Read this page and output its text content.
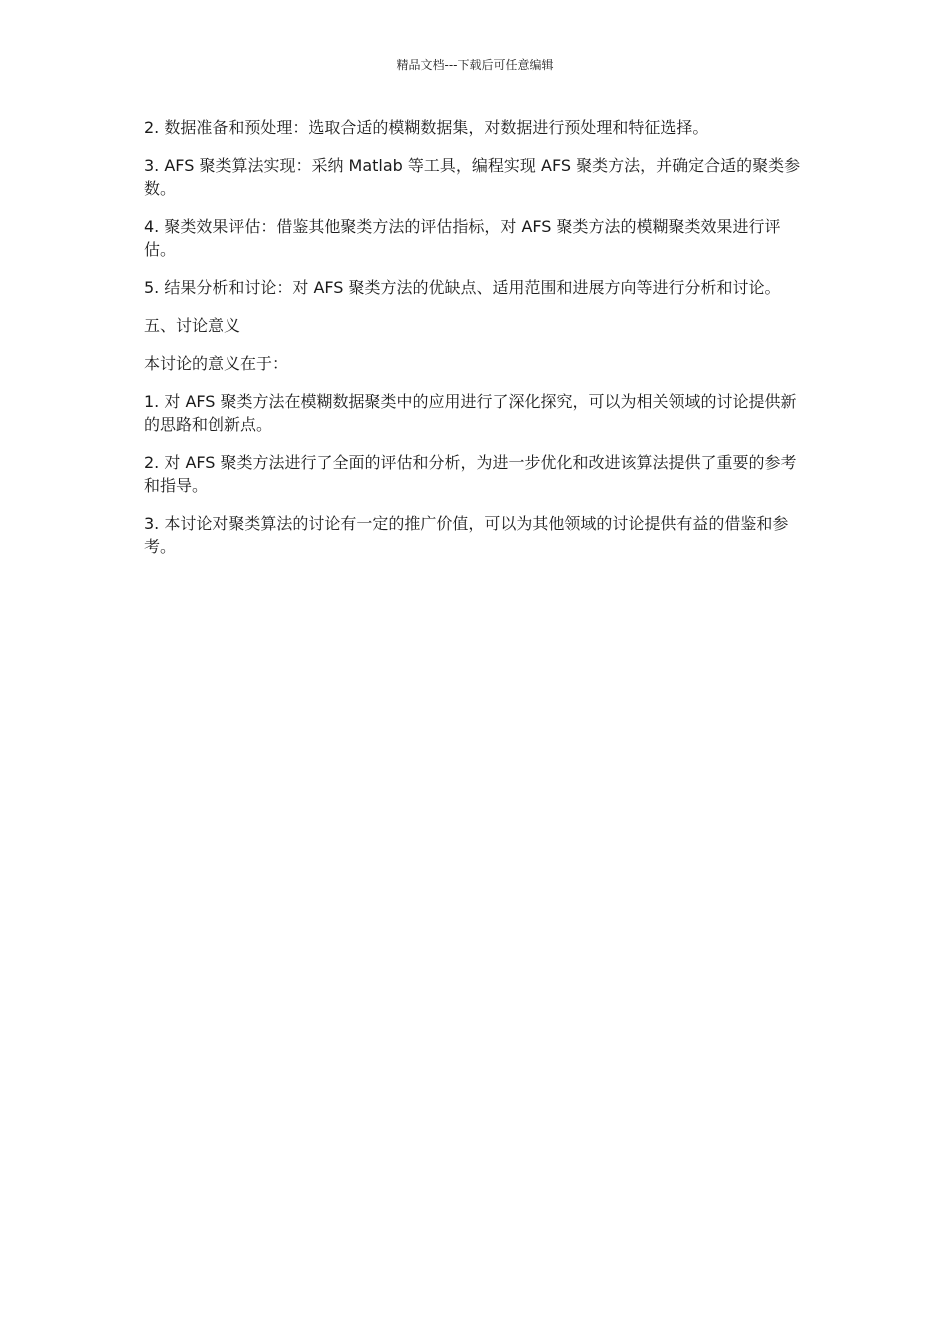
精品文档---下载后可任意编辑

2. 数据准备和预处理：选取合适的模糊数据集，对数据进行预处理和特征选择。

3. AFS 聚类算法实现：采纳 Matlab 等工具，编程实现 AFS 聚类方法，并确定合适的聚类参数。

4. 聚类效果评估：借鉴其他聚类方法的评估指标，对 AFS 聚类方法的模糊聚类效果进行评估。

5. 结果分析和讨论：对 AFS 聚类方法的优缺点、适用范围和进展方向等进行分析和讨论。

五、讨论意义

本讨论的意义在于：

1. 对 AFS 聚类方法在模糊数据聚类中的应用进行了深化探究，可以为相关领域的讨论提供新的思路和创新点。

2. 对 AFS 聚类方法进行了全面的评估和分析，为进一步优化和改进该算法提供了重要的参考和指导。

3. 本讨论对聚类算法的讨论有一定的推广价值，可以为其他领域的讨论提供有益的借鉴和参考。
